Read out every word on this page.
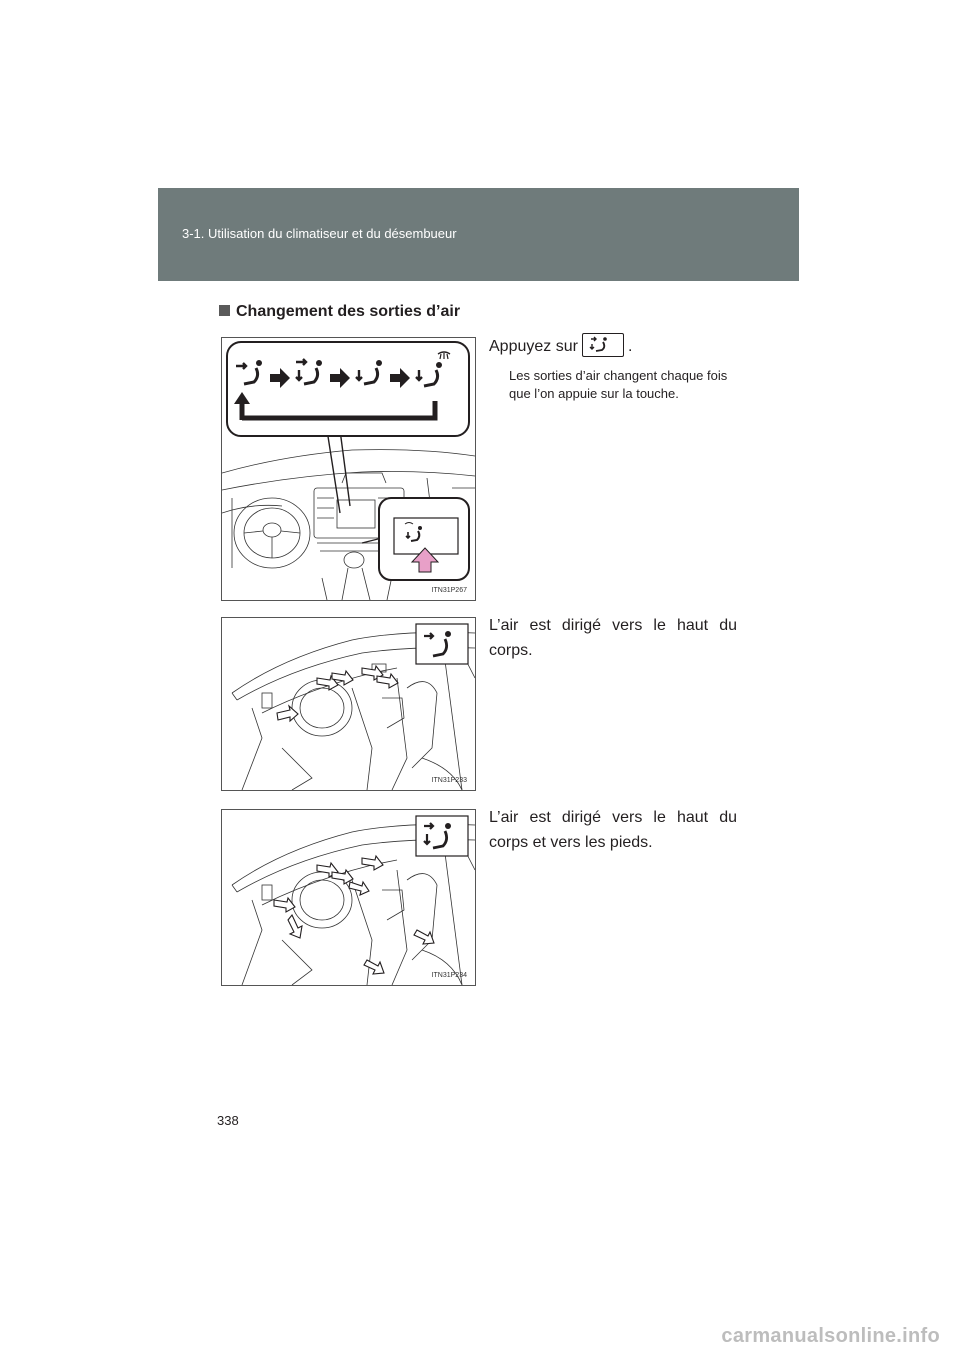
3-1. Utilisation du climatiseur et du désembueur
Changement des sorties d’air
ITN31P267
Appuyez sur	.
Les sorties d’air changent chaque fois que l’on appuie sur la touche.
ITN31P233
L’air est dirigé vers le haut du corps.
ITN31P234
L’air est dirigé vers le haut du corps et vers les pieds.
338
carmanualsonline.info
